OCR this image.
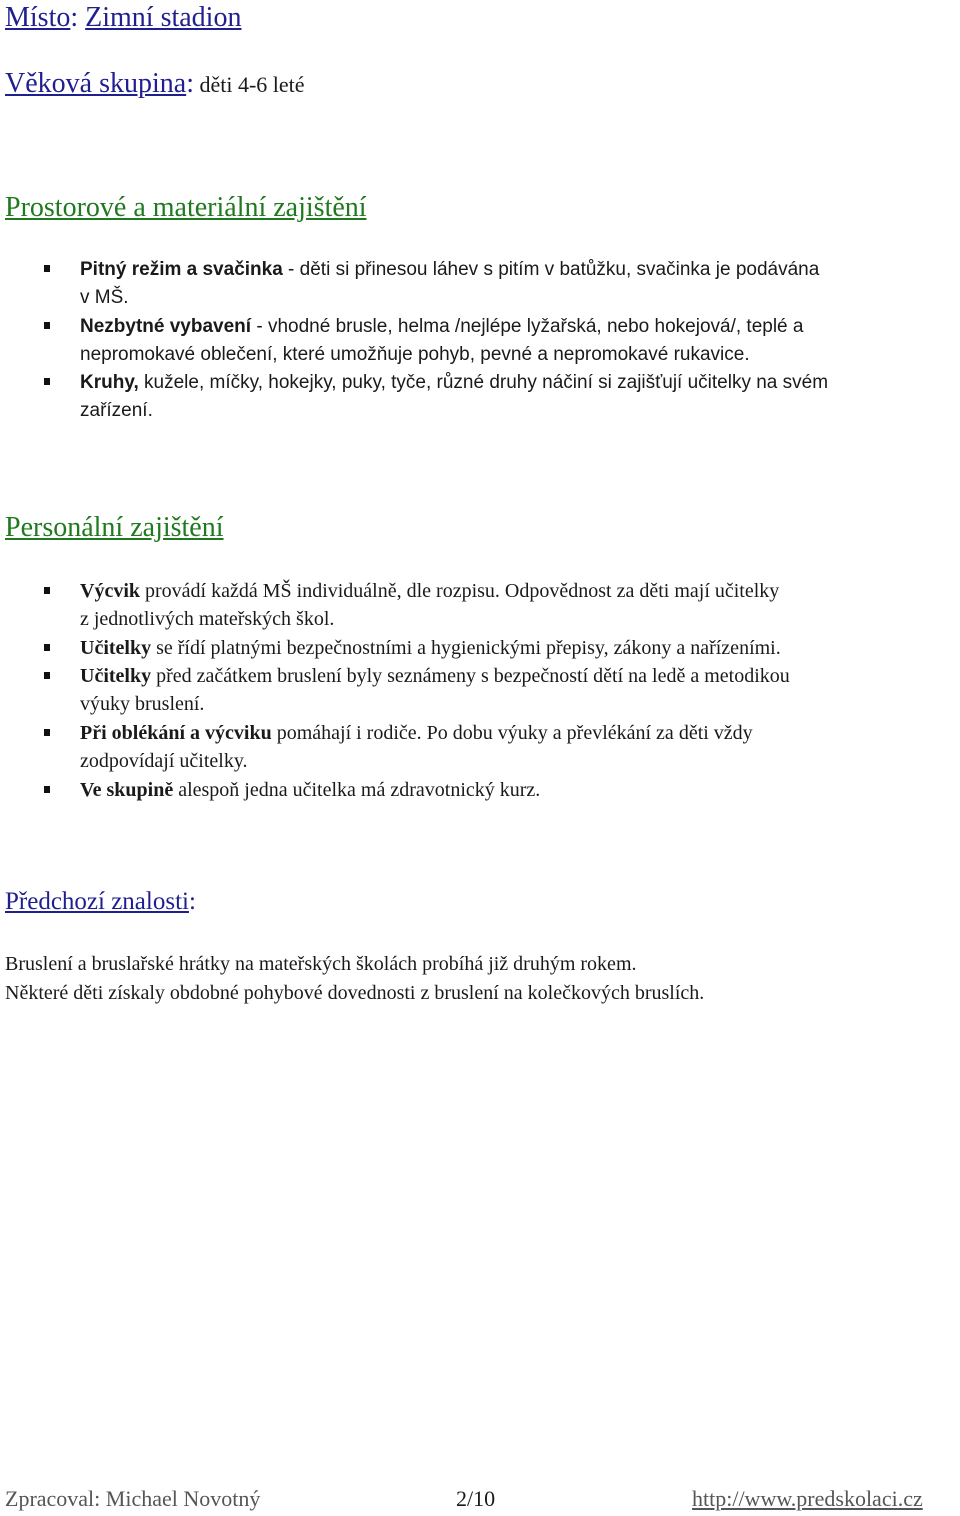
Místo: Zimní stadion
Věková skupina: děti 4-6 leté
Prostorové a materiální zajištění
Pitný režim a svačinka - děti si přinesou láhev s pitím v batůžku, svačinka je podávána
v MŠ.
Nezbytné vybavení - vhodné brusle, helma /nejlépe lyžařská, nebo hokejová/, teplé a
nepromokavé oblečení, které umožňuje pohyb, pevné a nepromokavé rukavice.
Kruhy, kužele, míčky, hokejky, puky, tyče, různé druhy náčiní si zajišťují učitelky na svém
zařízení.
Personální zajištění
Výcvik provádí každá MŠ individuálně, dle rozpisu. Odpovědnost za děti mají učitelky
z jednotlivých mateřských škol.
Učitelky se řídí platnými bezpečnostními a hygienickými přepisy, zákony a nařízeními.
Učitelky před začátkem bruslení byly seznámeny s bezpečností dětí na ledě a metodikou
výuky bruslení.
Při oblékání a výcviku pomáhají i rodiče. Po dobu výuky a převlékání za děti vždy
zodpovídají učitelky.
Ve skupině alespoň jedna učitelka má zdravotnický kurz.
Předchozí znalosti:
Bruslení a bruslařské hrátky na mateřských školách probíhá již druhým rokem.
Některé děti získaly obdobné pohybové dovednosti z bruslení na kolečkových bruslích.
Zpracoval: Michael Novotný	2/10	http://www.predskolaci.cz
